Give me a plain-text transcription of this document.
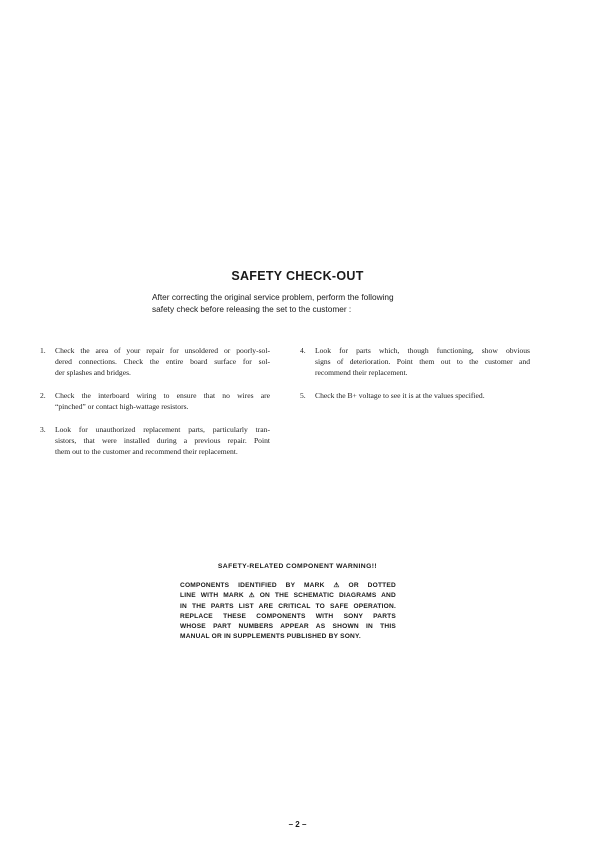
SAFETY CHECK-OUT
After correcting the original service problem, perform the following
safety check before releasing the set to the customer :
1. Check the area of your repair for unsoldered or poorly-sol-
dered connections. Check the entire board surface for sol-
der splashes and bridges.
2. Check the interboard wiring to ensure that no wires are
“pinched” or contact high-wattage resistors.
3. Look for unauthorized replacement parts, particularly tran-
sistors, that were installed during a previous repair. Point
them out to the customer and recommend their replacement.
4. Look for parts which, though functioning, show obvious
signs of deterioration. Point them out to the customer and
recommend their replacement.
5. Check the B+ voltage to see it is at the values specified.
SAFETY-RELATED COMPONENT WARNING!!
COMPONENTS IDENTIFIED BY MARK ⚠ OR DOTTED
LINE WITH MARK ⚠ ON THE SCHEMATIC DIAGRAMS AND
IN THE PARTS LIST ARE CRITICAL TO SAFE OPERATION.
REPLACE THESE COMPONENTS WITH SONY PARTS
WHOSE PART NUMBERS APPEAR AS SHOWN IN THIS
MANUAL OR IN SUPPLEMENTS PUBLISHED BY SONY.
– 2 –
